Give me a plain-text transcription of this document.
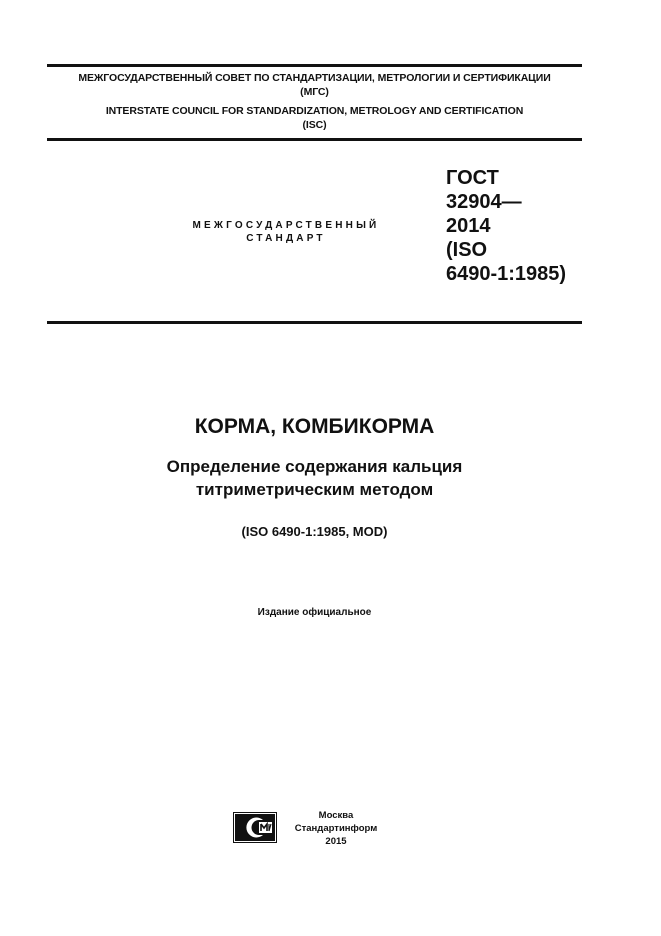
МЕЖГОСУДАРСТВЕННЫЙ СОВЕТ ПО СТАНДАРТИЗАЦИИ, МЕТРОЛОГИИ И СЕРТИФИКАЦИИ
(МГС)
INTERSTATE COUNCIL FOR STANDARDIZATION, METROLOGY AND CERTIFICATION
(ISC)
МЕЖГОСУДАРСТВЕННЫЙ
СТАНДАРТ
ГОСТ
32904—
2014
(ISO
6490-1:1985)
КОРМА, КОМБИКОРМА
Определение содержания кальция
титриметрическим методом
(ISO 6490-1:1985, MOD)
Издание официальное
Москва
Стандартинформ
2015
